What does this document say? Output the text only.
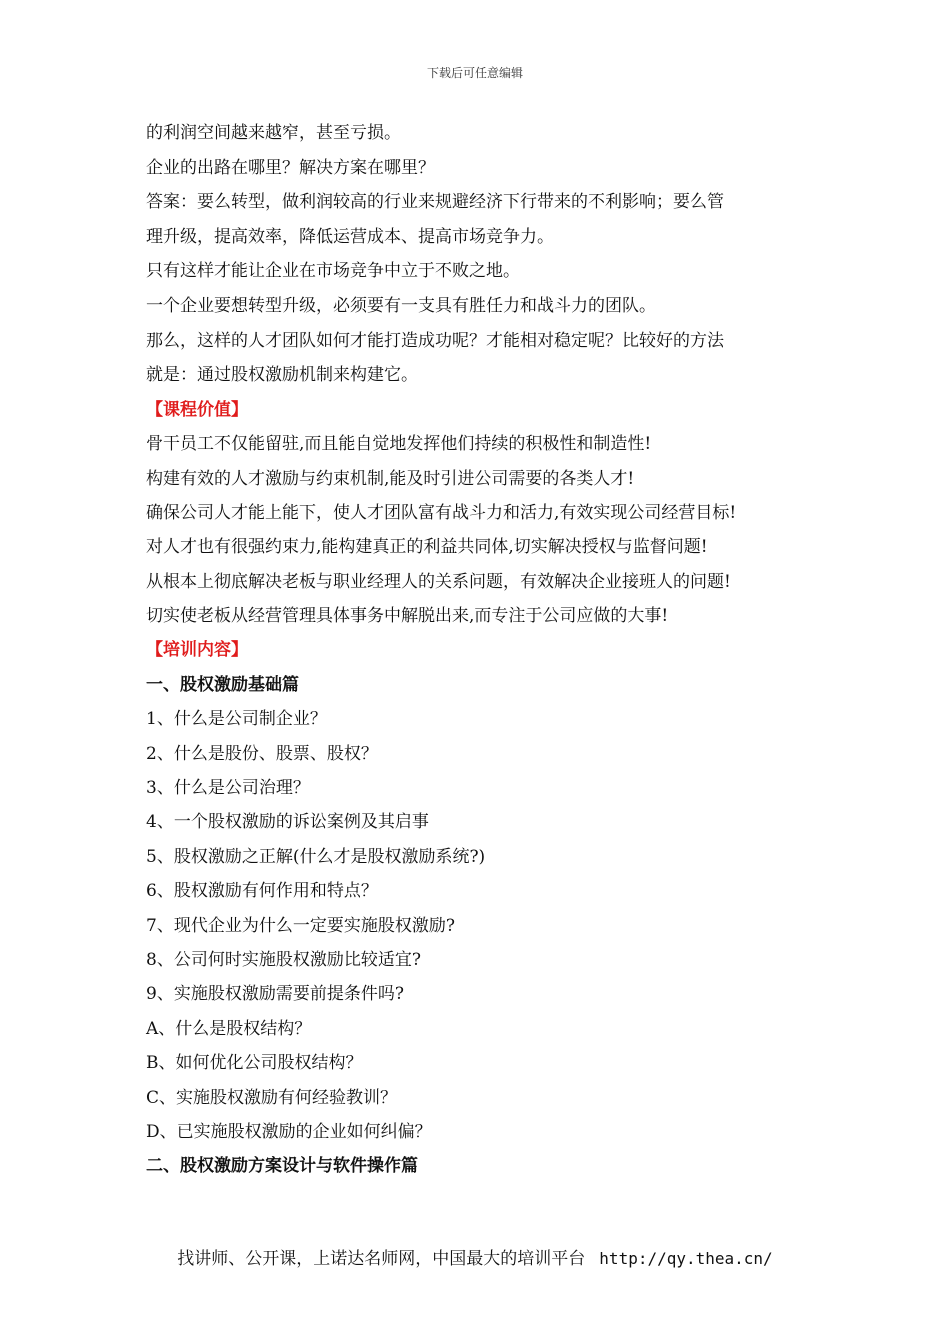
下载后可任意编辑
的利润空间越来越窄，甚至亏损。
企业的出路在哪里？解决方案在哪里？
答案：要么转型，做利润较高的行业来规避经济下行带来的不利影响；要么管
理升级，提高效率，降低运营成本、提高市场竞争力。
只有这样才能让企业在市场竞争中立于不败之地。
一个企业要想转型升级，必须要有一支具有胜任力和战斗力的团队。
那么，这样的人才团队如何才能打造成功呢？才能相对稳定呢？比较好的方法
就是：通过股权激励机制来构建它。
【课程价值】
骨干员工不仅能留驻,而且能自觉地发挥他们持续的积极性和制造性!
构建有效的人才激励与约束机制,能及时引进公司需要的各类人才!
确保公司人才能上能下，使人才团队富有战斗力和活力,有效实现公司经营目标!
对人才也有很强约束力,能构建真正的利益共同体,切实解决授权与监督问题!
从根本上彻底解决老板与职业经理人的关系问题，有效解决企业接班人的问题!
切实使老板从经营管理具体事务中解脱出来,而专注于公司应做的大事!
【培训内容】
一、股权激励基础篇
1、什么是公司制企业？
2、什么是股份、股票、股权？
3、什么是公司治理？
4、一个股权激励的诉讼案例及其启事
5、股权激励之正解(什么才是股权激励系统?)
6、股权激励有何作用和特点？
7、现代企业为什么一定要实施股权激励?
8、公司何时实施股权激励比较适宜?
9、实施股权激励需要前提条件吗?
A、什么是股权结构？
B、如何优化公司股权结构？
C、实施股权激励有何经验教训？
D、已实施股权激励的企业如何纠偏？
二、股权激励方案设计与软件操作篇
找讲师、公开课，上诺达名师网，中国最大的培训平台 http://qy.thea.cn/
